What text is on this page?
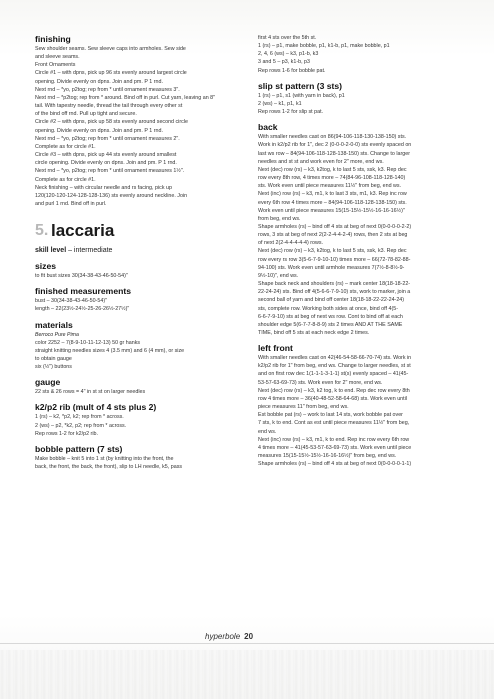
finishing
Sew shoulder seams. Sew sleeve caps into armholes. Sew side
and sleeve seams.
Front Ornaments
Circle #1 – with dpns, pick up 96 sts evenly around largest circle
opening. Divide evenly on dpns. Join and pm. P 1 rnd.
Next rnd – *yo, p2tog; rep from * until ornament measures 3".
Next rnd – *p2tog; rep from * around. Bind off in purl. Cut yarn, leaving an 8"
tail. With tapestry needle, thread the tail through every other st
of the bind off rnd. Pull up tight and secure.
Circle #2 – with dpns, pick up 58 sts evenly around second circle
opening. Divide evenly on dpns. Join and pm. P 1 rnd.
Next rnd – *yo, p2tog; rep from * until ornament measures 2".
Complete as for circle #1.
Circle #3 – with dpns, pick up 44 sts evenly around smallest
circle opening. Divide evenly on dpns. Join and pm. P 1 rnd.
Next rnd – *yo, p2tog; rep from * until ornament measures 1½".
Complete as for circle #1.
Neck finishing – with circular needle and rs facing, pick up
120(120-120-124-128-128-136) sts evenly around neckline. Join
and purl 1 rnd. Bind off in purl.
5. laccaria
skill level – intermediate
sizes
to fit bust sizes 30(34-38-43-46-50-54)"
finished measurements
bust – 30(34-38-43-46-50-54)"
length – 22(23½-24½-25-26-26½-27½)"
materials
Berroco Pure Pima
color 2252 – 7(8-9-10-11-12-13) 50 gr hanks
straight knitting needles sizes 4 (3.5 mm) and 6 (4 mm), or size
to obtain gauge
six (½") buttons
gauge
22 sts & 26 rows = 4" in st st on larger needles
k2/p2 rib (mult of 4 sts plus 2)
1 (rs) – k2, *p2, k2; rep from * across.
2 (ws) – p2, *k2, p2; rep from * across.
Rep rows 1-2 for k2/p2 rib.
bobble pattern (7 sts)
Make bobble – knit 5 into 1 st (by knitting into the front, the
back, the front, the back, the front), slip to LH needle, k5, pass
first 4 sts over the 5th st.
1 (rs) – p1, make bobble, p1, k1-b, p1, make bobble, p1
2, 4, 6 (ws) – k3, p1-b, k3
3 and 5 – p3, k1-b, p3
Rep rows 1-6 for bobble pat.
slip st pattern (3 sts)
1 (rs) – p1, s1 (with yarn in back), p1
2 (ws) – k1, p1, k1
Rep rows 1-2 for slip st pat.
back
With smaller needles cast on 86(94-106-118-130-138-150) sts.
Work in k2/p2 rib for 1", dec 2 (0-0-0-2-0-0) sts evenly spaced on
last ws row – 84(94-106-118-128-138-150) sts. Change to larger
needles and st st and work even for 2" more, end ws.
Next (dec) row (rs) – k3, k2tog, k to last 5 sts, ssk, k3. Rep dec
row every 8th row, 4 times more – 74(84-96-108-118-128-140)
sts. Work even until piece measures 11½" from beg, end ws.
Next (inc) row (rs) – k3, m1, k to last 3 sts, m1, k3. Rep inc row
every 6th row 4 times more – 84(94-106-118-128-138-150) sts.
Work even until piece measures 15(15-15½-15½-16-16-16½)"
from beg, end ws.
Shape armholes (rs) – bind off 4 sts at beg of next 0(0-0-0-0-2-2)
rows, 3 sts at beg of next 2(2-2-4-4-2-4) rows, then 2 sts at beg
of next 2(2-4-4-4-4-4) rows.
Next (dec) row (rs) – k3, k2tog, k to last 5 sts, ssk, k3. Rep dec
row every rs row 3(5-6-7-9-10-10) times more – 66(72-78-82-88-
94-100) sts. Work even until armhole measures 7(7½-8-8½-9-
9½-10)", end ws.
Shape back neck and shoulders (rs) – mark center 18(18-18-22-
22-24-24) sts. Bind off 4(5-6-6-7-9-10) sts, work to marker, join a
second ball of yarn and bind off center 18(18-18-22-22-24-24)
sts, complete row. Working both sides at once, bind off 4(5-
6-6-7-9-10) sts at beg of next ws row. Cont to bind off at each
shoulder edge 5(6-7-7-8-8-9) sts 2 times AND AT THE SAME
TIME, bind off 5 sts at each neck edge 2 times.
left front
With smaller needles cast on 42(46-54-58-66-70-74) sts. Work in
k2/p2 rib for 1" from beg, end ws. Change to larger needles, st st
and on first row dec 1(1-1-1-3-1-1) st(s) evenly spaced – 41(45-
53-57-63-69-73) sts. Work even for 2" more, end ws.
Next (dec) row (rs) – k3, k2 tog, k to end. Rep dec row every 8th
row 4 times more – 36(40-48-52-58-64-68) sts. Work even until
piece measures 11" from beg, end ws.
Est bobble pat (rs) – work to last 14 sts, work bobble pat over
7 sts, k to end. Cont as est until piece measures 11½" from beg,
end ws.
Next (inc) row (rs) – k3, m1, k to end. Rep inc row every 6th row
4 times more – 41(45-53-57-63-69-73) sts. Work even until piece
measures 15(15-15½-15½-16-16-16½)" from beg, end ws.
Shape armholes (rs) – bind off 4 sts at beg of next 0(0-0-0-0-1-1)
hyperbole 20
